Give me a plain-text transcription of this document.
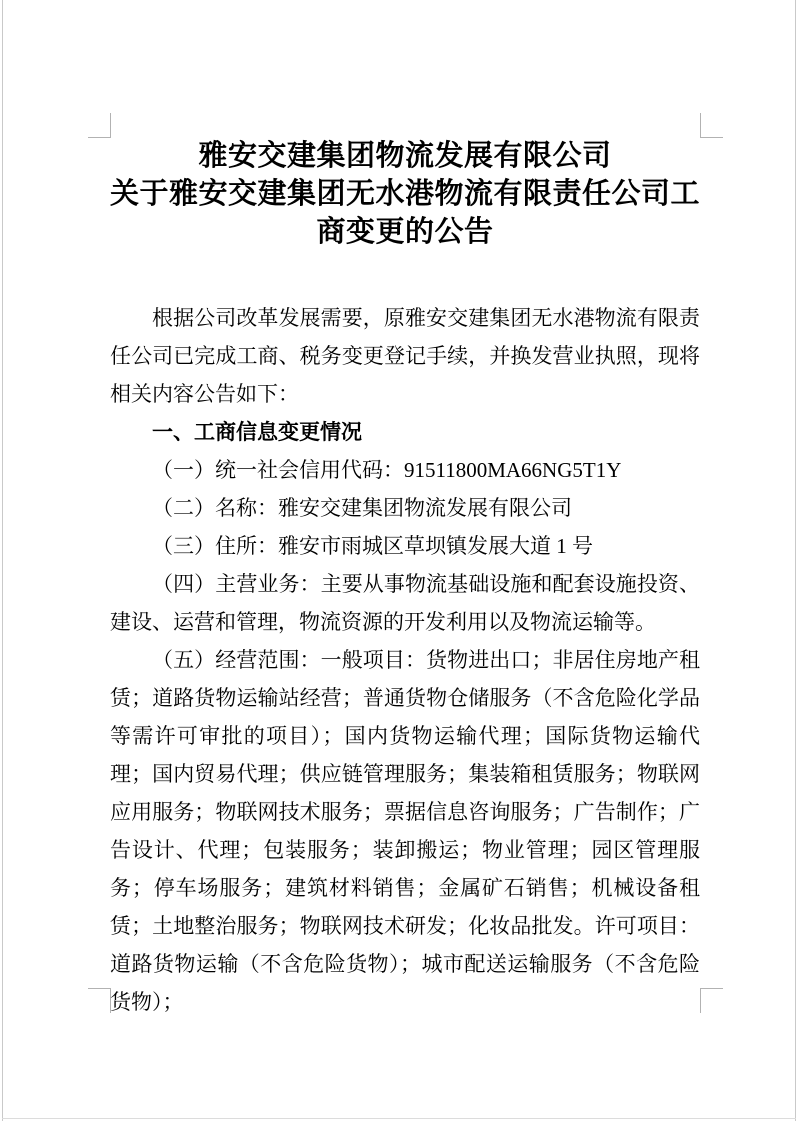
雅安交建集团物流发展有限公司
关于雅安交建集团无水港物流有限责任公司工商变更的公告

根据公司改革发展需要，原雅安交建集团无水港物流有限责任公司已完成工商、税务变更登记手续，并换发营业执照，现将相关内容公告如下：

一、工商信息变更情况

（一）统一社会信用代码：91511800MA66NG5T1Y

（二）名称：雅安交建集团物流发展有限公司

（三）住所：雅安市雨城区草坝镇发展大道 1 号

（四）主营业务：主要从事物流基础设施和配套设施投资、建设、运营和管理，物流资源的开发利用以及物流运输等。

（五）经营范围：一般项目：货物进出口；非居住房地产租赁；道路货物运输站经营；普通货物仓储服务（不含危险化学品等需许可审批的项目）；国内货物运输代理；国际货物运输代理；国内贸易代理；供应链管理服务；集装箱租赁服务；物联网应用服务；物联网技术服务；票据信息咨询服务；广告制作；广告设计、代理；包装服务；装卸搬运；物业管理；园区管理服务；停车场服务；建筑材料销售；金属矿石销售；机械设备租赁；土地整治服务；物联网技术研发；化妆品批发。许可项目：道路货物运输（不含危险货物）；城市配送运输服务（不含危险货物）；
